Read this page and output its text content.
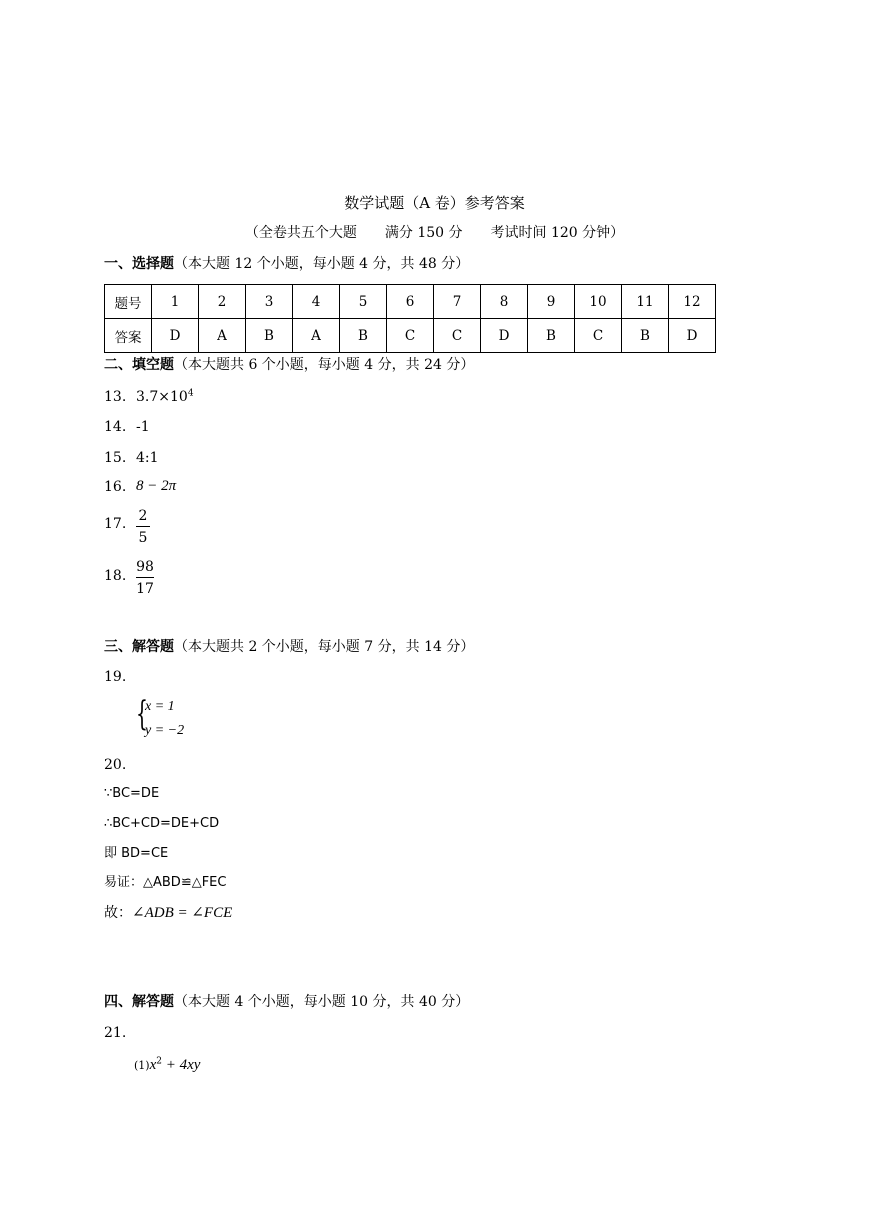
数学试题（A 卷）参考答案
（全卷共五个大题　　满分 150 分　　考试时间 120 分钟）
一、选择题（本大题 12 个小题，每小题 4 分，共 48 分）
题号	1	2	3	4	5	6	7	8	9	10	11	12
答案	D	A	B	A	B	C	C	D	B	C	B	D
二、填空题（本大题共 6 个小题，每小题 4 分，共 24 分）
13. $3.7\times 10^4$
14. -1
15. 4:1
16. 8 − 2π
17. 2
5
18.
98
17
三、解答题（本大题共 2 个小题，每小题 7 分，共 14 分）
19.
{
x = 1
y = −2
20.
∵BC=DE
∴BC+CD=DE+CD
即 BD=CE
易证：△ABD≌△FEC
故：∠ADB = ∠FCE
四、解答题（本大题 4 个小题，每小题 10 分，共 40 分）
21.
$(1)x^2 + 4xy$
